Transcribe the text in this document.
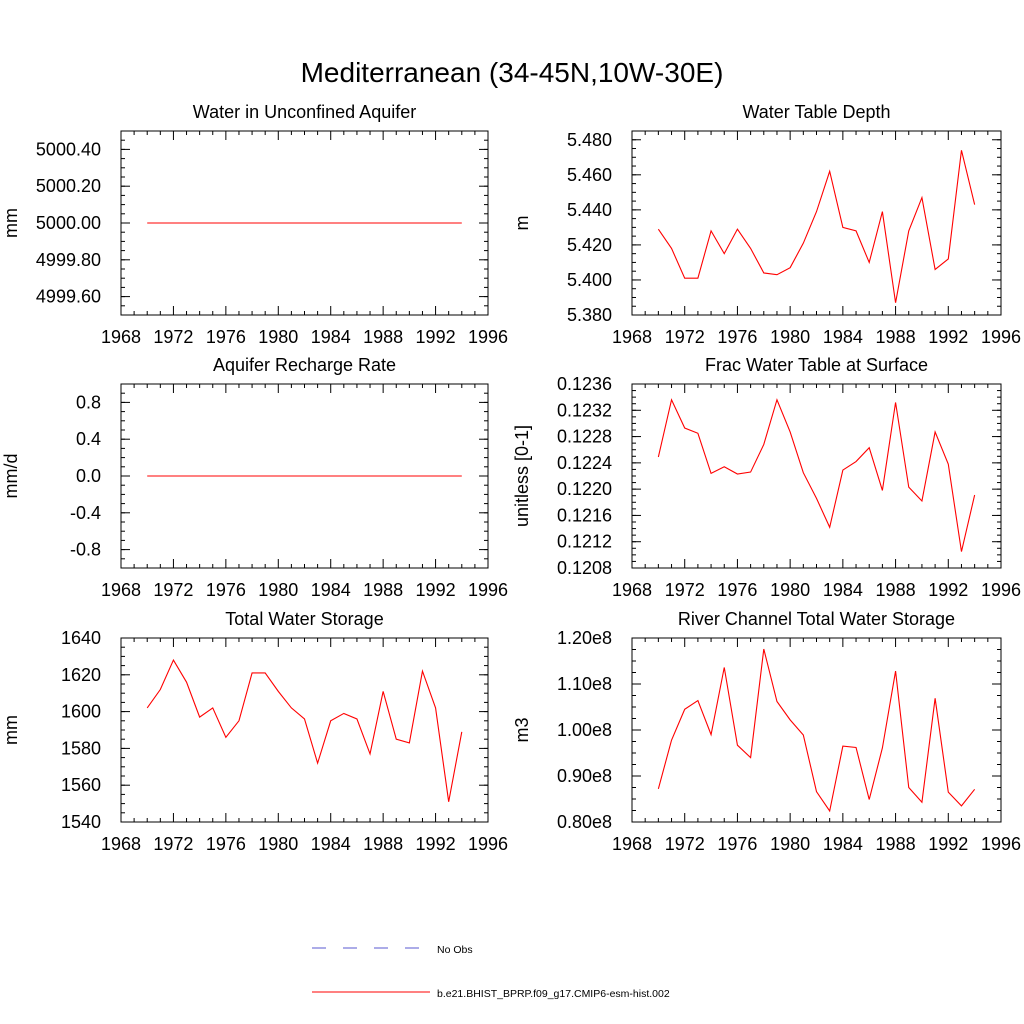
Mediterranean (34-45N,10W-30E)
Water in Unconfined Aquifer
mm
1968 1972 1976 1980 1984 1988 1992 1996
4999.60
4999.80
5000.00
5000.20
5000.40
Water Table Depth
m
1968 1972 1976 1980 1984 1988 1992 1996
5.380
5.400
5.420
5.440
5.460
5.480
Aquifer Recharge Rate
mm/d
1968 1972 1976 1980 1984 1988 1992 1996
-0.8
-0.4
0.0
0.4
0.8
Frac Water Table at Surface
unitless [0-1]
1968 1972 1976 1980 1984 1988 1992 1996
0.1208
0.1212
0.1216
0.1220
0.1224
0.1228
0.1232
0.1236
Total Water Storage
mm
1968 1972 1976 1980 1984 1988 1992 1996
1540
1560
1580
1600
1620
1640
River Channel Total Water Storage
m3
1968 1972 1976 1980 1984 1988 1992 1996
0.80e8
0.90e8
1.00e8
1.10e8
1.20e8
No Obs
b.e21.BHIST_BPRP.f09_g17.CMIP6-esm-hist.002
